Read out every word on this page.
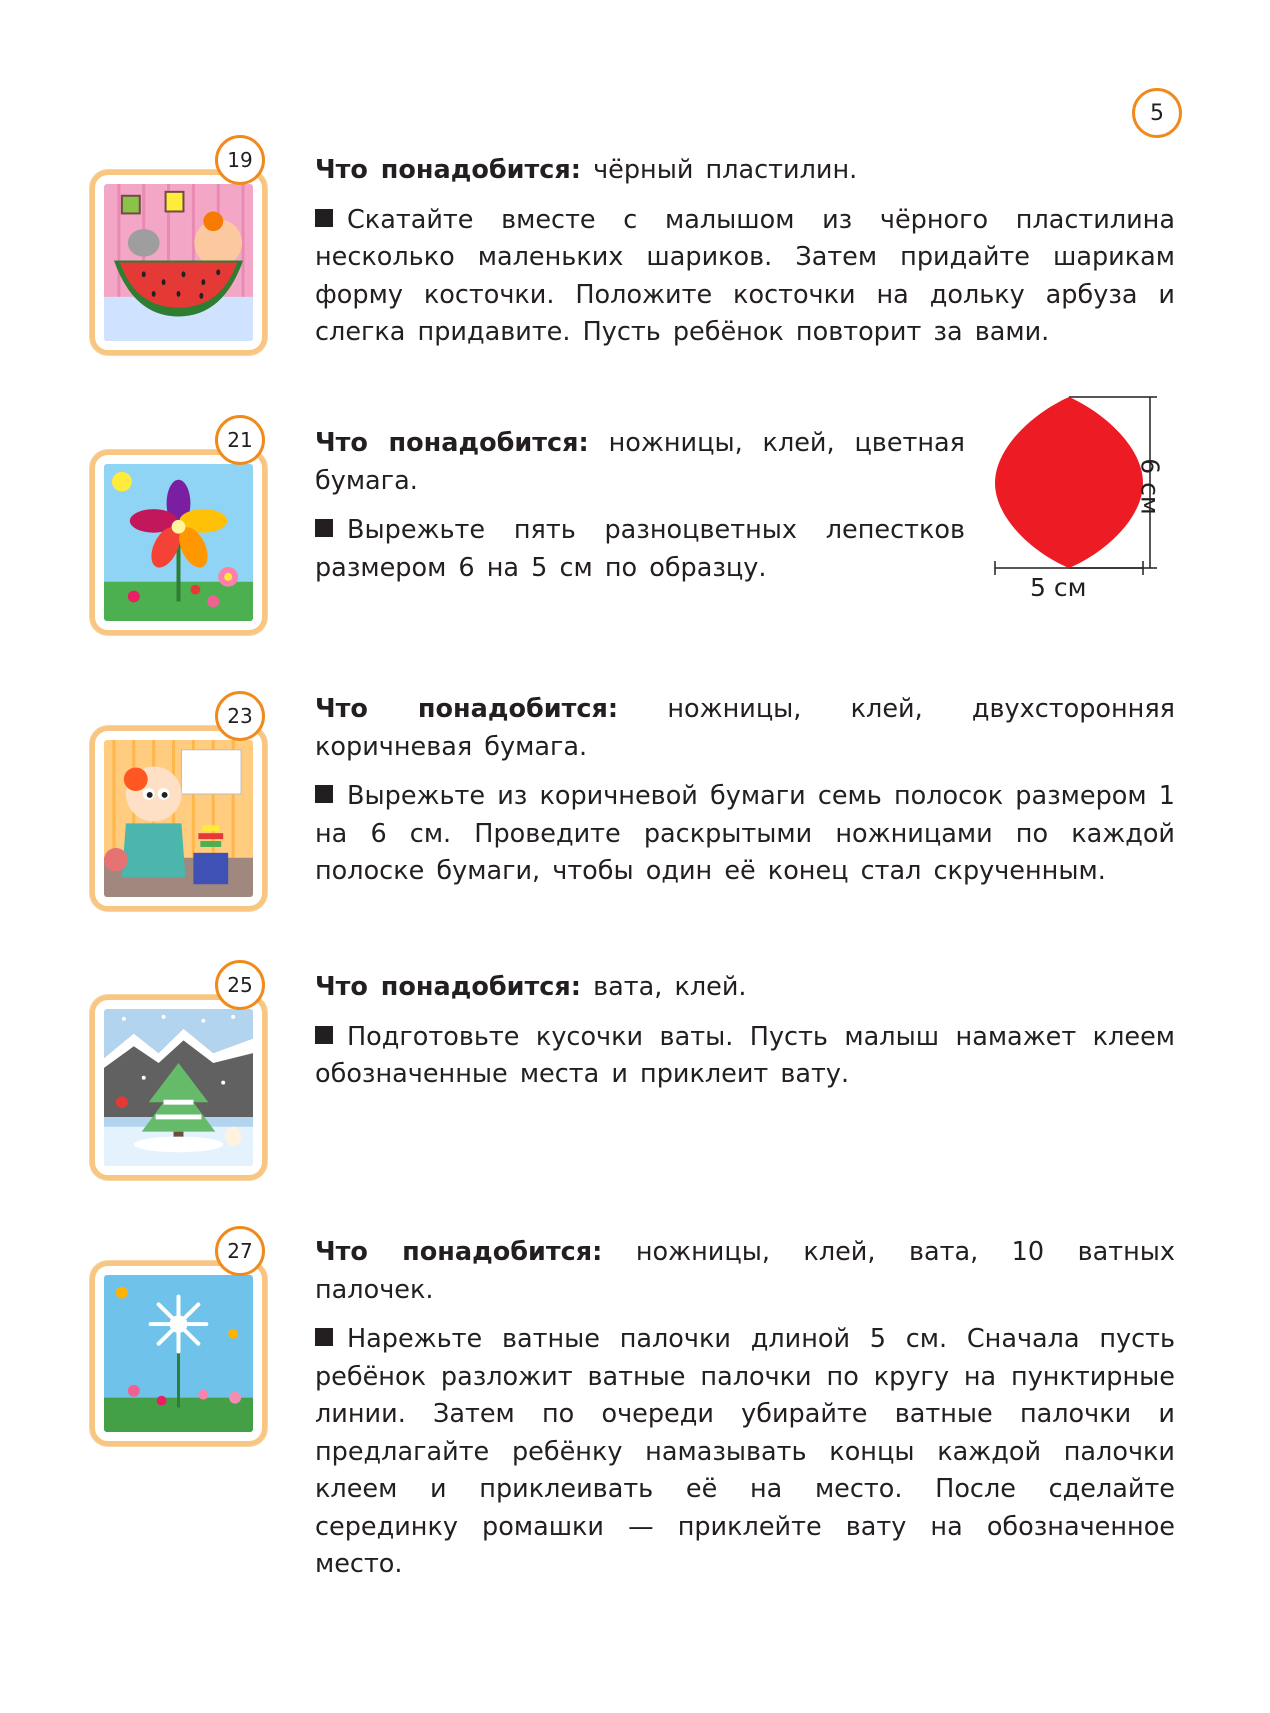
5
19	Что понадобится: чёрный пластилин.

Скатайте вместе с малышом из чёрного пластилина несколько маленьких шариков. Затем придайте шарикам форму косточки. Положите косточки на дольку арбуза и слегка придавите. Пусть ребёнок повторит за вами.

21	Что понадобится: ножницы, клей, цветная бумага.

Вырежьте пять разноцветных лепестков размером 6 на 5 см по образцу.

5 см
6 см
23	Что понадобится: ножницы, клей, двухсторонняя коричневая бумага.

Вырежьте из коричневой бумаги семь полосок размером 1 на 6 см. Проведите раскрытыми ножницами по каждой полоске бумаги, чтобы один её конец стал скрученным.

25	Что понадобится: вата, клей.

Подготовьте кусочки ваты. Пусть малыш намажет клеем обозначенные места и приклеит вату.

27	Что понадобится: ножницы, клей, вата, 10 ватных палочек.

Нарежьте ватные палочки длиной 5 см. Сначала пусть ребёнок разложит ватные палочки по кругу на пунктирные линии. Затем по очереди убирайте ватные палочки и предлагайте ребёнку намазывать концы каждой палочки клеем и приклеивать её на место. После сделайте серединку ромашки — приклейте вату на обозначенное место.
